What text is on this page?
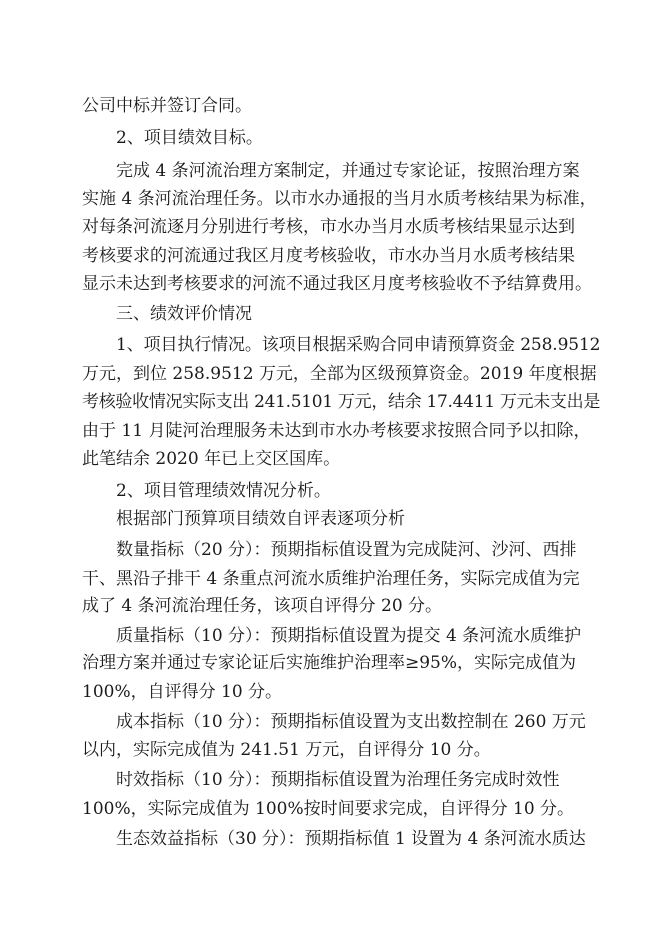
公司中标并签订合同。
2、项目绩效目标。
完成 4 条河流治理方案制定，并通过专家论证，按照治理方案
实施 4 条河流治理任务。以市水办通报的当月水质考核结果为标准，
对每条河流逐月分别进行考核，市水办当月水质考核结果显示达到
考核要求的河流通过我区月度考核验收，市水办当月水质考核结果
显示未达到考核要求的河流不通过我区月度考核验收不予结算费用。
三、绩效评价情况
1、项目执行情况。该项目根据采购合同申请预算资金 258.9512
万元，到位 258.9512 万元，全部为区级预算资金。2019 年度根据
考核验收情况实际支出 241.5101 万元，结余 17.4411 万元未支出是
由于 11 月陡河治理服务未达到市水办考核要求按照合同予以扣除，
此笔结余 2020 年已上交区国库。
2、项目管理绩效情况分析。
根据部门预算项目绩效自评表逐项分析
数量指标（20 分）：预期指标值设置为完成陡河、沙河、西排
干、黑沿子排干 4 条重点河流水质维护治理任务，实际完成值为完
成了 4 条河流治理任务，该项自评得分 20 分。
质量指标（10 分）：预期指标值设置为提交 4 条河流水质维护
治理方案并通过专家论证后实施维护治理率≥95%，实际完成值为
100%，自评得分 10 分。
成本指标（10 分）：预期指标值设置为支出数控制在 260 万元
以内，实际完成值为 241.51 万元，自评得分 10 分。
时效指标（10 分）：预期指标值设置为治理任务完成时效性
100%，实际完成值为 100%按时间要求完成，自评得分 10 分。
生态效益指标（30 分）：预期指标值 1 设置为 4 条河流水质达
